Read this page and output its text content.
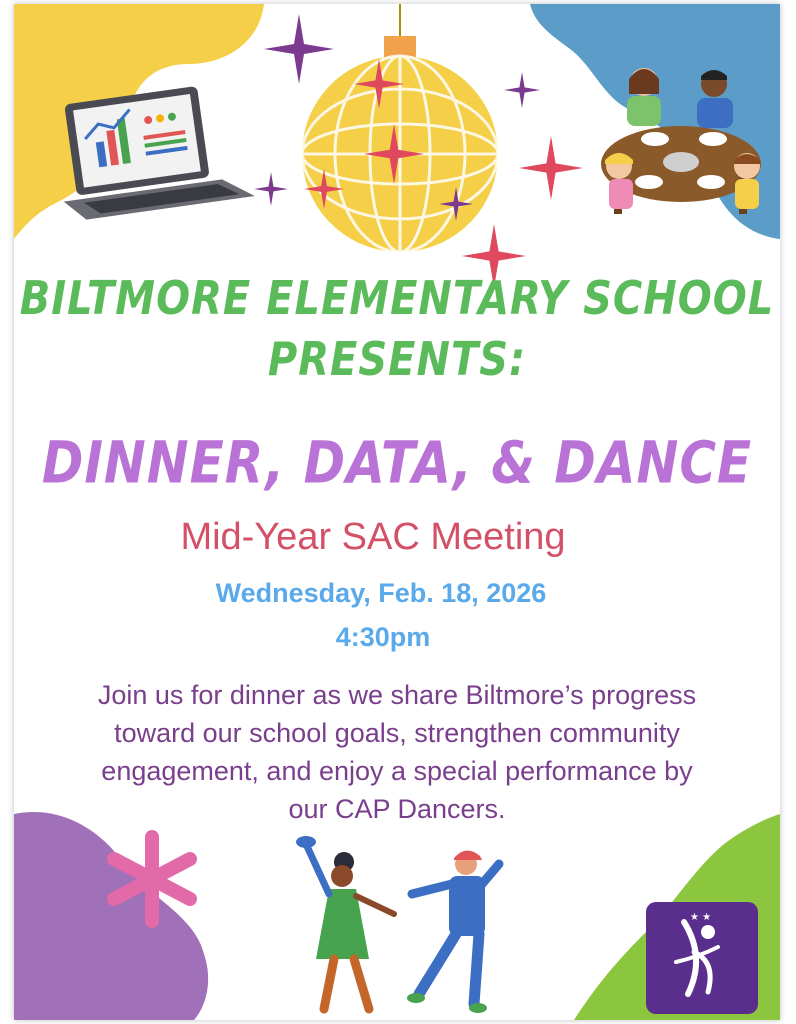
BILTMORE ELEMENTARY SCHOOL
PRESENTS:
DINNER, DATA, & DANCE
Mid-Year SAC Meeting
Wednesday, Feb. 18, 2026
4:30pm
Join us for dinner as we share Biltmore’s progress
toward our school goals, strengthen community
engagement, and enjoy a special performance by
our CAP Dancers.
★ ★
